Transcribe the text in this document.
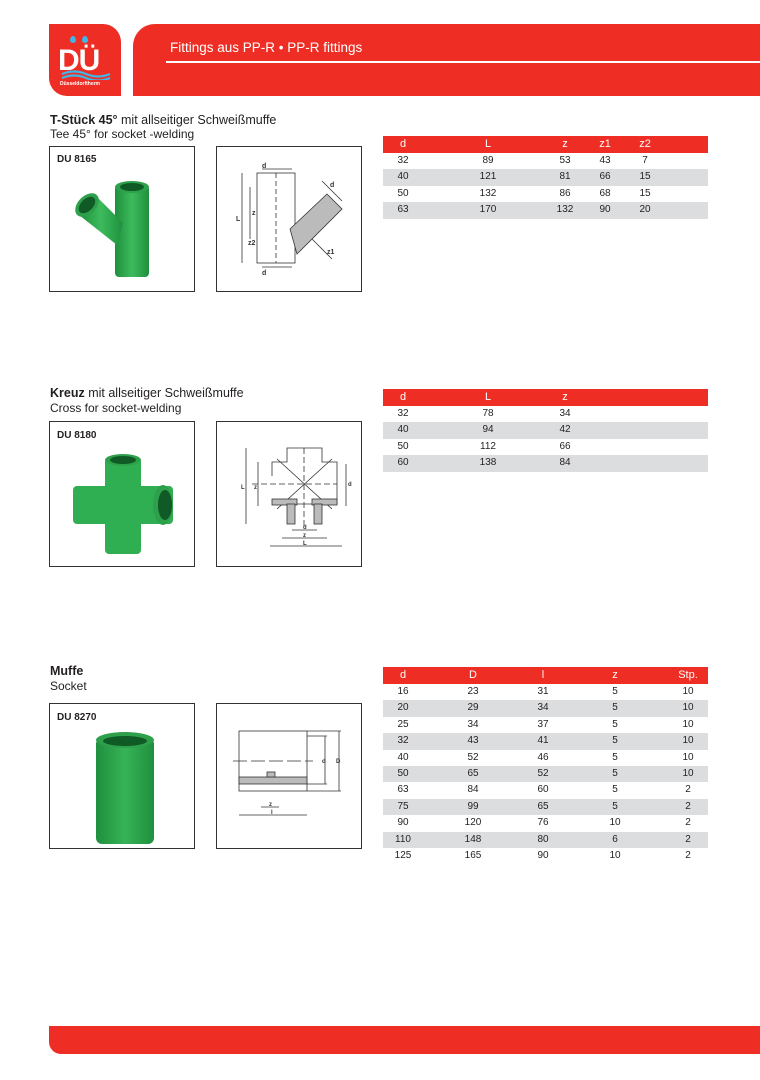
DÜ
Düsseldorftherm
Fittings aus PP-R • PP-R fittings
T-Stück 45° mit allseitiger Schweißmuffe
Tee 45° for socket -welding
DU 8165
d
d
d
L
z
z1
z2
d	L	z	z1	z2
32	89	53	43	7
40	121	81	66	15
50	132	86	68	15
63	170	132	90	20
Kreuz mit allseitiger Schweißmuffe
Cross for socket-welding
DU 8180
L z	d
d
z
L
d	L	z
32	78	34
40	94	42
50	112	66
60	138	84
Muffe
Socket
DU 8270
d D
z
l
d	D	l	z	Stp.
16	23	31	5	10
20	29	34	5	10
25	34	37	5	10
32	43	41	5	10
40	52	46	5	10
50	65	52	5	10
63	84	60	5	2
75	99	65	5	2
90	120	76	10	2
110	148	80	6	2
125	165	90	10	2
